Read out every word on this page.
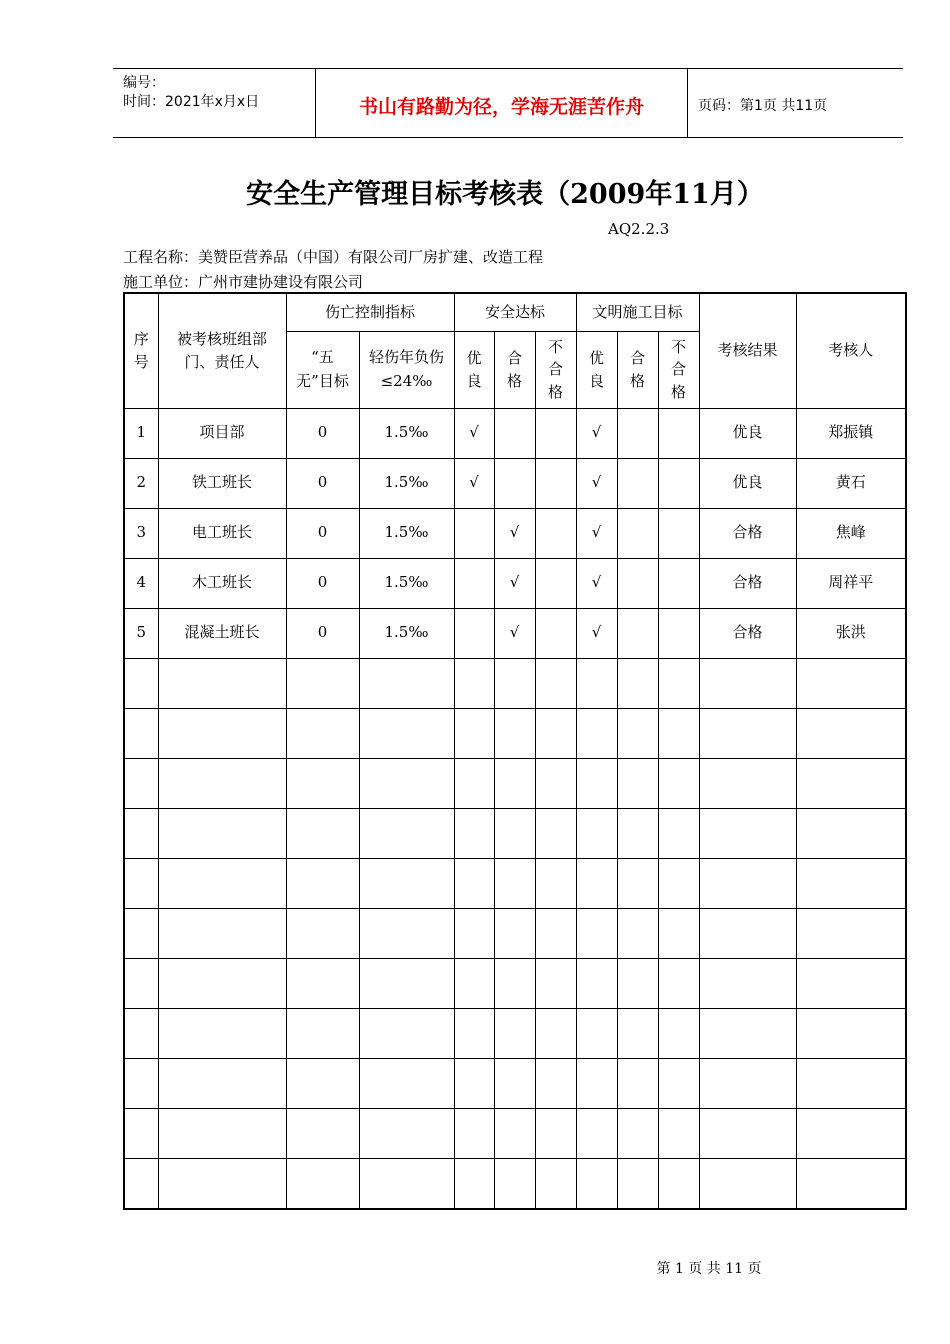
编号：
时间：2021年x月x日	书山有路勤为径，学海无涯苦作舟	页码：第1页 共11页
安全生产管理目标考核表（2009年11月）
AQ2.2.3
工程名称：美赞臣营养品（中国）有限公司厂房扩建、改造工程
施工单位：广州市建协建设有限公司
序号	被考核班组部门、责任人	伤亡控制指标		安全达标			文明施工目标			考核结果	考核人

		“五无”目标	轻伤年负伤≤24‰	优良	合格	不合格	优良	合格	不合格		

1	项目部	0	1.5‰	√			√			优良	郑振镇
2	铁工班长	0	1.5‰	√			√			优良	黄石
3	电工班长	0	1.5‰		√		√			合格	焦峰
4	木工班长	0	1.5‰		√		√			合格	周祥平
5	混凝土班长	0	1.5‰		√		√			合格	张洪

第 1 页 共 11 页
